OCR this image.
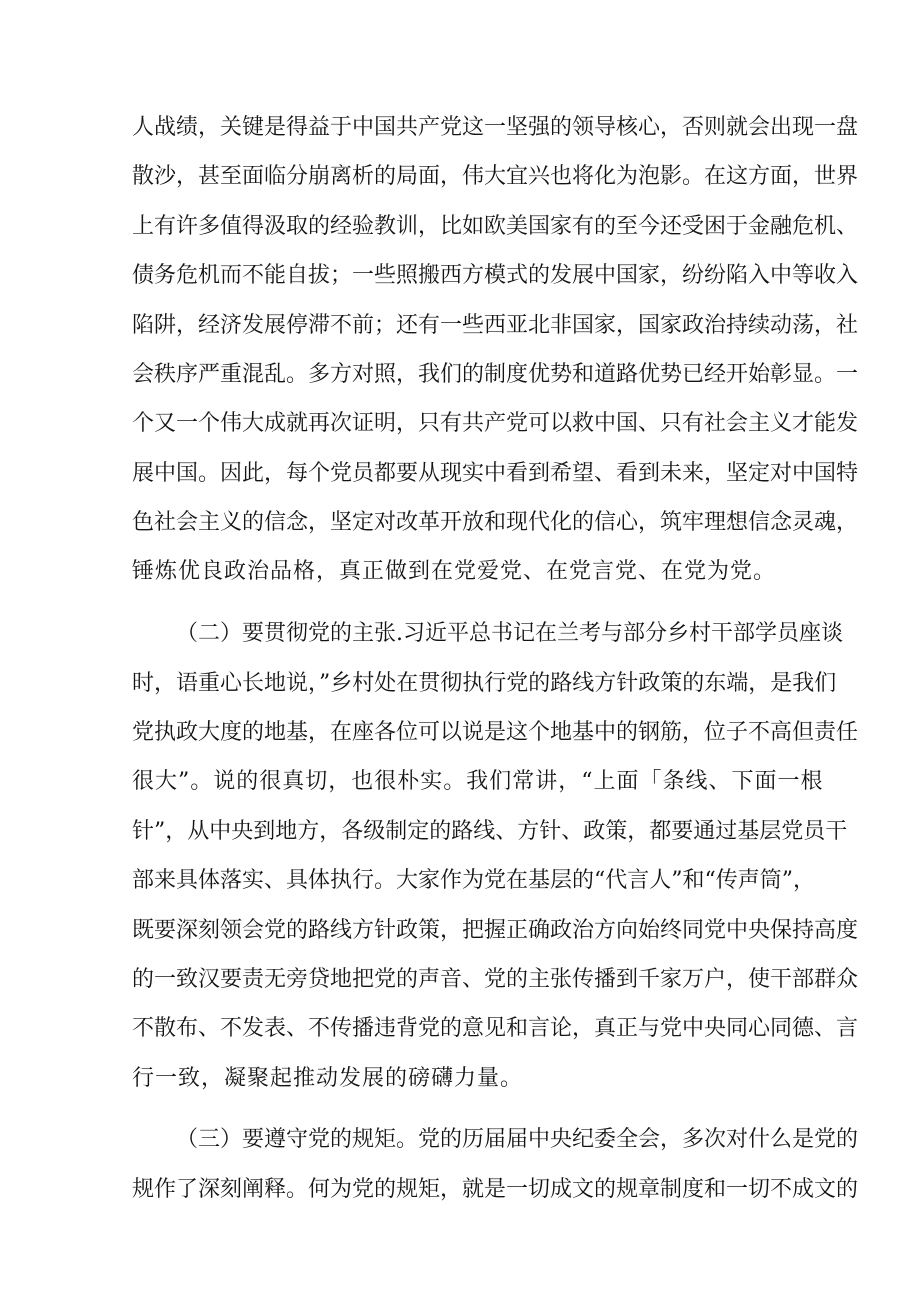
人战绩，关键是得益于中国共产党这一坚强的领导核心，否则就会出现一盘
散沙，甚至面临分崩离析的局面，伟大宜兴也将化为泡影。在这方面，世界
上有许多值得汲取的经验教训，比如欧美国家有的至今还受困于金融危机、
债务危机而不能自拔；一些照搬西方模式的发展中国家，纷纷陷入中等收入
陷阱，经济发展停滞不前；还有一些西亚北非国家，国家政治持续动荡，社
会秩序严重混乱。多方对照，我们的制度优势和道路优势已经开始彰显。一
个又一个伟大成就再次证明，只有共产党可以救中国、只有社会主义才能发
展中国。因此，每个党员都要从现实中看到希望、看到未来，坚定对中国特
色社会主义的信念，坚定对改革开放和现代化的信心，筑牢理想信念灵魂，
锤炼优良政治品格，真正做到在党爱党、在党言党、在党为党。
（二）要贯彻党的主张.习近平总书记在兰考与部分乡村干部学员座谈
时，语重心长地说，”乡村处在贯彻执行党的路线方针政策的东端，是我们
党执政大度的地基，在座各位可以说是这个地基中的钢筋，位子不高但责任
很大”。说的很真切，也很朴实。我们常讲，“上面「条线、下面一根
针”，从中央到地方，各级制定的路线、方针、政策，都要通过基层党员干
部来具体落实、具体执行。大家作为党在基层的“代言人”和“传声筒”，
既要深刻领会党的路线方针政策，把握正确政治方向始终同党中央保持高度
的一致汉要责无旁贷地把党的声音、党的主张传播到千家万户，使干部群众
不散布、不发表、不传播违背党的意见和言论，真正与党中央同心同德、言
行一致，凝聚起推动发展的磅礴力量。
（三）要遵守党的规矩。党的历届届中央纪委全会，多次对什么是党的
规作了深刻阐释。何为党的规矩，就是一切成文的规章制度和一切不成文的
